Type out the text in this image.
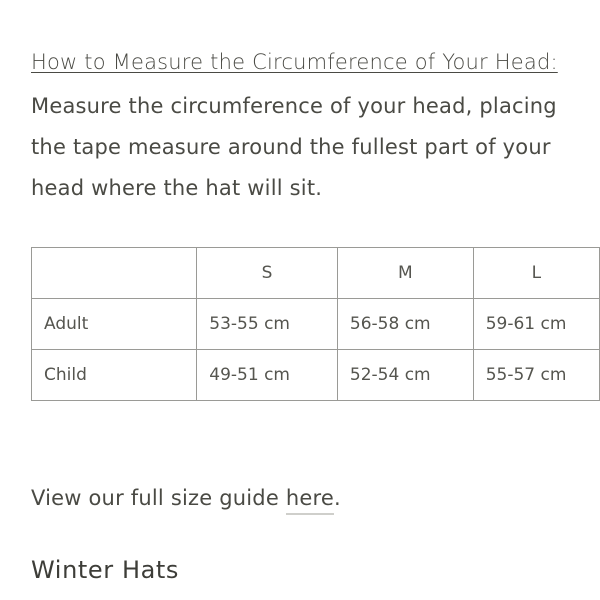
How to Measure the Circumference of Your Head:
Measure the circumference of your head, placing the tape measure around the fullest part of your head where the hat will sit.
	S	M	L
Adult	53-55 cm	56-58 cm	59-61 cm
Child	49-51 cm	52-54 cm	55-57 cm
View our full size guide here.
Winter Hats
